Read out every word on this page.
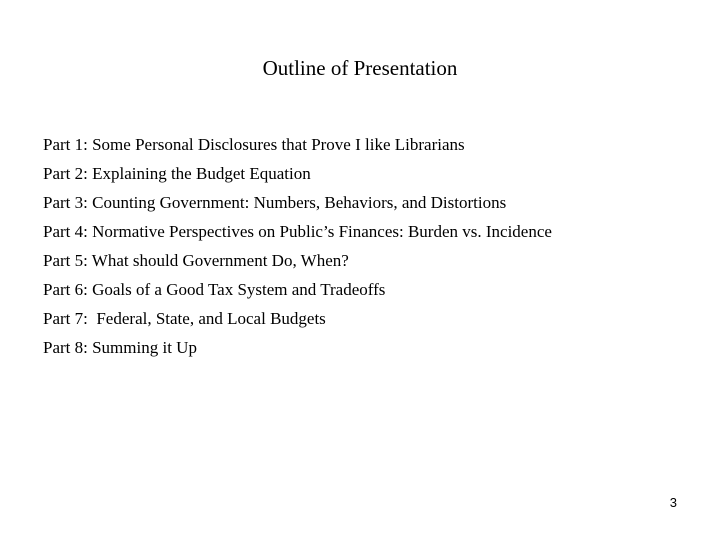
Outline of Presentation
Part 1: Some Personal Disclosures that Prove I like Librarians
Part 2: Explaining the Budget Equation
Part 3: Counting Government: Numbers, Behaviors, and Distortions
Part 4: Normative Perspectives on Public’s Finances: Burden vs. Incidence
Part 5: What should Government Do, When?
Part 6: Goals of a Good Tax System and Tradeoffs
Part 7:  Federal, State, and Local Budgets
Part 8: Summing it Up
3
